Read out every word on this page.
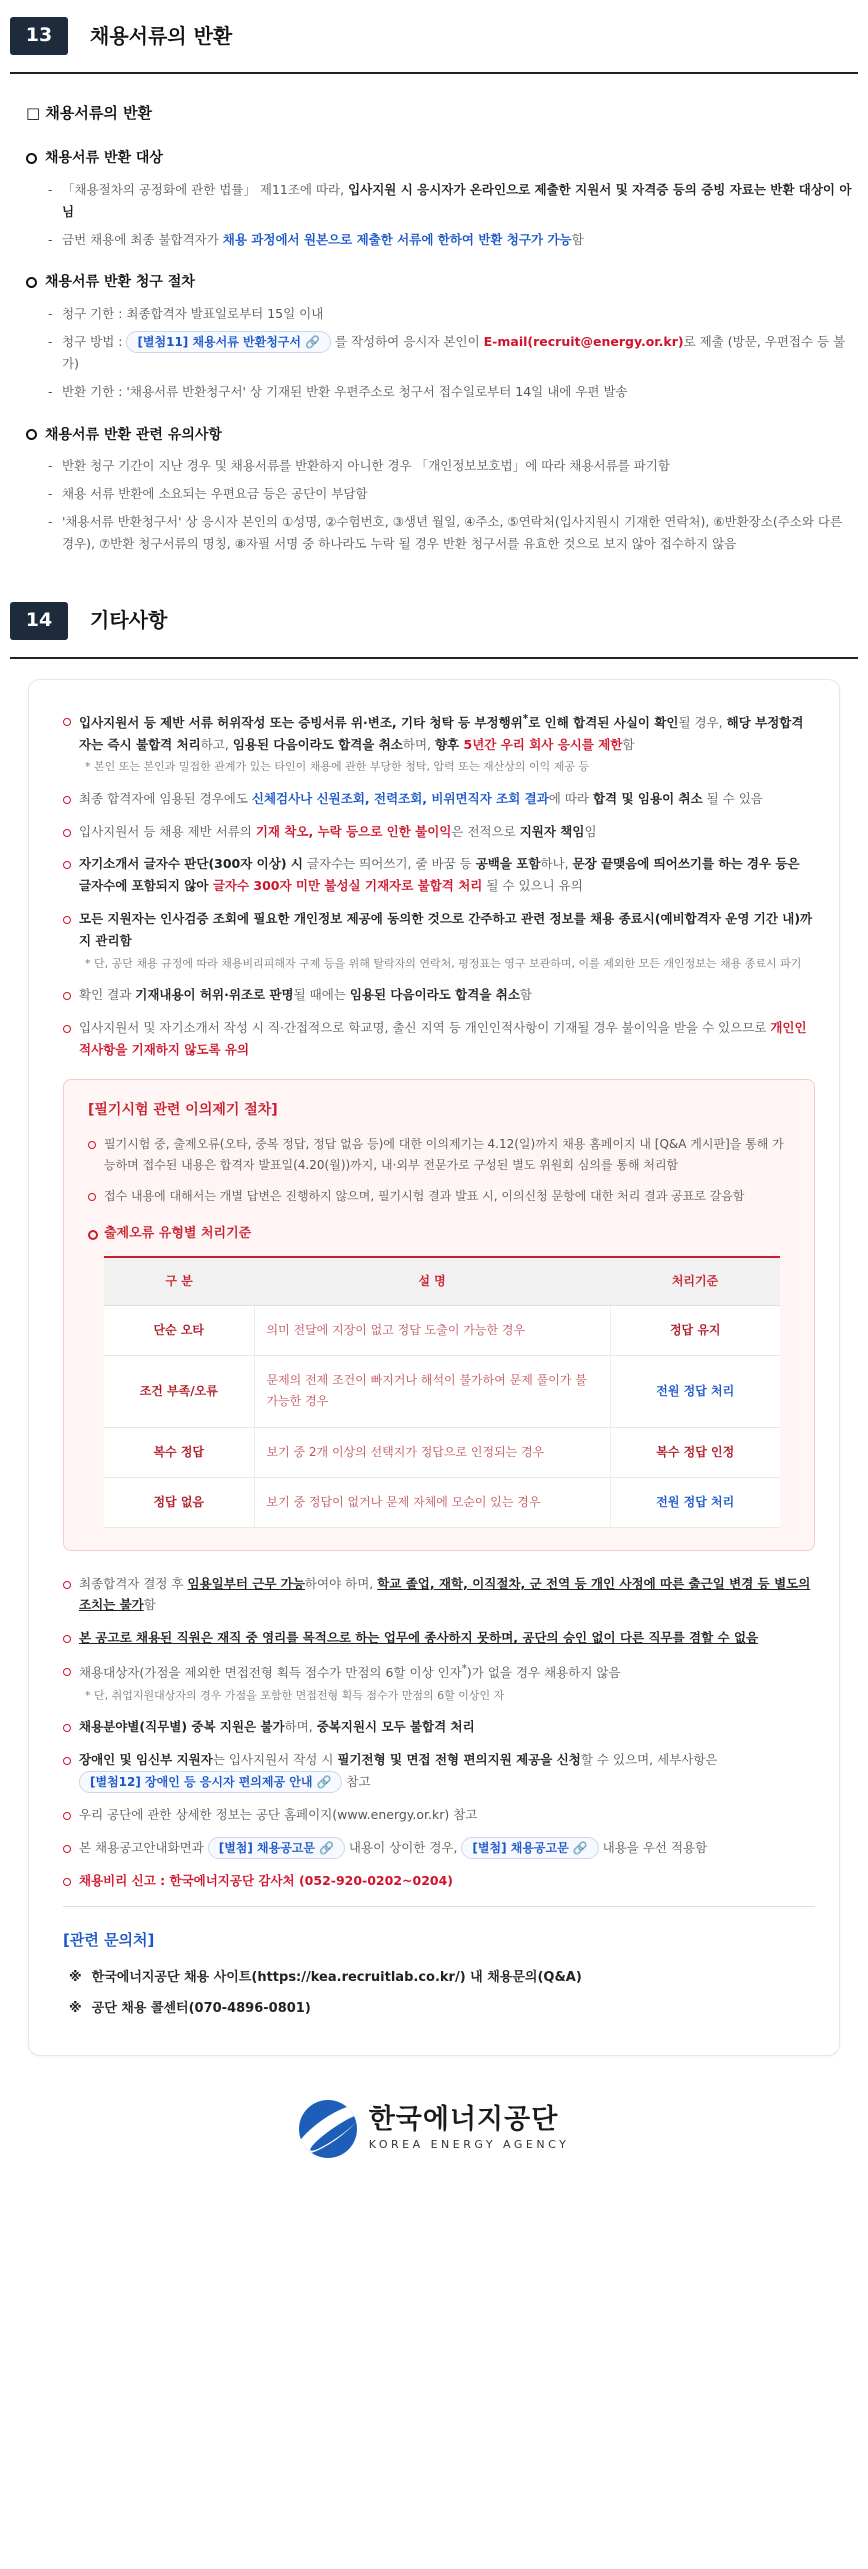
13	채용서류의 반환
□ 채용서류의 반환
채용서류 반환 대상
- 「채용절차의 공정화에 관한 법률」 제11조에 따라, 입사지원 시 응시자가 온라인으로 제출한 지원서 및 자격증 등의 증빙 자료는 반환 대상이 아님
- 금번 채용에 최종 불합격자가 채용 과정에서 원본으로 제출한 서류에 한하여 반환 청구가 가능함
채용서류 반환 청구 절차
- 청구 기한 : 최종합격자 발표일로부터 15일 이내
- 청구 방법 : [별첨11] 채용서류 반환청구서 🔗 를 작성하여 응시자 본인이 E-mail(recruit@energy.or.kr)로 제출 (방문, 우편접수 등 불가)
- 반환 기한 : '채용서류 반환청구서' 상 기재된 반환 우편주소로 청구서 접수일로부터 14일 내에 우편 발송
채용서류 반환 관련 유의사항
- 반환 청구 기간이 지난 경우 및 채용서류를 반환하지 아니한 경우 「개인정보보호법」에 따라 채용서류를 파기함
- 채용 서류 반환에 소요되는 우편요금 등은 공단이 부담함
- '채용서류 반환청구서' 상 응시자 본인의 ①성명, ②수험번호, ③생년 월일, ④주소, ⑤연락처(입사지원시 기재한 연락처), ⑥반환장소(주소와 다른 경우), ⑦반환 청구서류의 명칭, ⑧자필 서명 중 하나라도 누락 될 경우 반환 청구서를 유효한 것으로 보지 않아 접수하지 않음
14	기타사항
입사지원서 등 제반 서류 허위작성 또는 증빙서류 위·변조, 기타 청탁 등 부정행위*로 인해 합격된 사실이 확인될 경우, 해당 부정합격자는 즉시 불합격 처리하고, 임용된 다음이라도 합격을 취소하며, 향후 5년간 우리 회사 응시를 제한함
* 본인 또는 본인과 밀접한 관계가 있는 타인이 채용에 관한 부당한 청탁, 압력 또는 재산상의 이익 제공 등
최종 합격자에 임용된 경우에도 신체검사나 신원조회, 전력조회, 비위면직자 조회 결과에 따라 합격 및 임용이 취소 될 수 있음
입사지원서 등 채용 제반 서류의 기재 착오, 누락 등으로 인한 불이익은 전적으로 지원자 책임임
자기소개서 글자수 판단(300자 이상) 시 글자수는 띄어쓰기, 줄 바꿈 등 공백을 포함하나, 문장 끝맺음에 띄어쓰기를 하는 경우 등은 글자수에 포함되지 않아 글자수 300자 미만 불성실 기재자로 불합격 처리 될 수 있으니 유의
모든 지원자는 인사검증 조회에 필요한 개인정보 제공에 동의한 것으로 간주하고 관련 정보를 채용 종료시(예비합격자 운영 기간 내)까지 관리함
* 단, 공단 채용 규정에 따라 채용비리피해자 구제 등을 위해 탈락자의 연락처, 평정표는 영구 보관하며, 이를 제외한 모든 개인정보는 채용 종료시 파기
확인 결과 기재내용이 허위·위조로 판명될 때에는 임용된 다음이라도 합격을 취소함
입사지원서 및 자기소개서 작성 시 직·간접적으로 학교명, 출신 지역 등 개인인적사항이 기재될 경우 불이익을 받을 수 있으므로 개인인적사항을 기재하지 않도록 유의
[필기시험 관련 이의제기 절차]
필기시험 중, 출제오류(오타, 중복 정답, 정답 없음 등)에 대한 이의제기는 4.12(일)까지 채용 홈페이지 내 [Q&A 게시판]을 통해 가능하며 접수된 내용은 합격자 발표일(4.20(월))까지, 내·외부 전문가로 구성된 별도 위원회 심의를 통해 처리함
접수 내용에 대해서는 개별 답변은 진행하지 않으며, 필기시험 결과 발표 시, 이의신청 문항에 대한 처리 결과 공표로 갈음함
출제오류 유형별 처리기준
구 분	설 명	처리기준
단순 오타	의미 전달에 지장이 없고 정답 도출이 가능한 경우	정답 유지
조건 부족/오류	문제의 전제 조건이 빠지거나 해석이 불가하여 문제 풀이가 불가능한 경우	전원 정답 처리
복수 정답	보기 중 2개 이상의 선택지가 정답으로 인정되는 경우	복수 정답 인정
정답 없음	보기 중 정답이 없거나 문제 자체에 모순이 있는 경우	전원 정답 처리
최종합격자 결정 후 임용일부터 근무 가능하여야 하며, 학교 졸업, 재학, 이직절차, 군 전역 등 개인 사정에 따른 출근일 변경 등 별도의 조치는 불가함
본 공고로 채용된 직원은 재직 중 영리를 목적으로 하는 업무에 종사하지 못하며, 공단의 승인 없이 다른 직무를 겸할 수 없음
채용대상자(가점을 제외한 면접전형 획득 점수가 만점의 6할 이상 인자*)가 없을 경우 채용하지 않음
* 단, 취업지원대상자의 경우 가점을 포함한 면접전형 획득 점수가 만점의 6할 이상인 자
채용분야별(직무별) 중복 지원은 불가하며, 중복지원시 모두 불합격 처리
장애인 및 임신부 지원자는 입사지원서 작성 시 필기전형 및 면접 전형 편의지원 제공을 신청할 수 있으며, 세부사항은
[별첨12] 장애인 등 응시자 편의제공 안내 🔗 참고
우리 공단에 관한 상세한 정보는 공단 홈페이지(www.energy.or.kr) 참고
본 채용공고안내화면과 [별첨] 채용공고문 🔗 내용이 상이한 경우, [별첨] 채용공고문 🔗 내용을 우선 적용함
채용비리 신고 : 한국에너지공단 감사처 (052-920-0202~0204)
[관련 문의처]
※ 한국에너지공단 채용 사이트(https://kea.recruitlab.co.kr/) 내 채용문의(Q&A)
※ 공단 채용 콜센터(070-4896-0801)
한국에너지공단
KOREA ENERGY AGENCY
